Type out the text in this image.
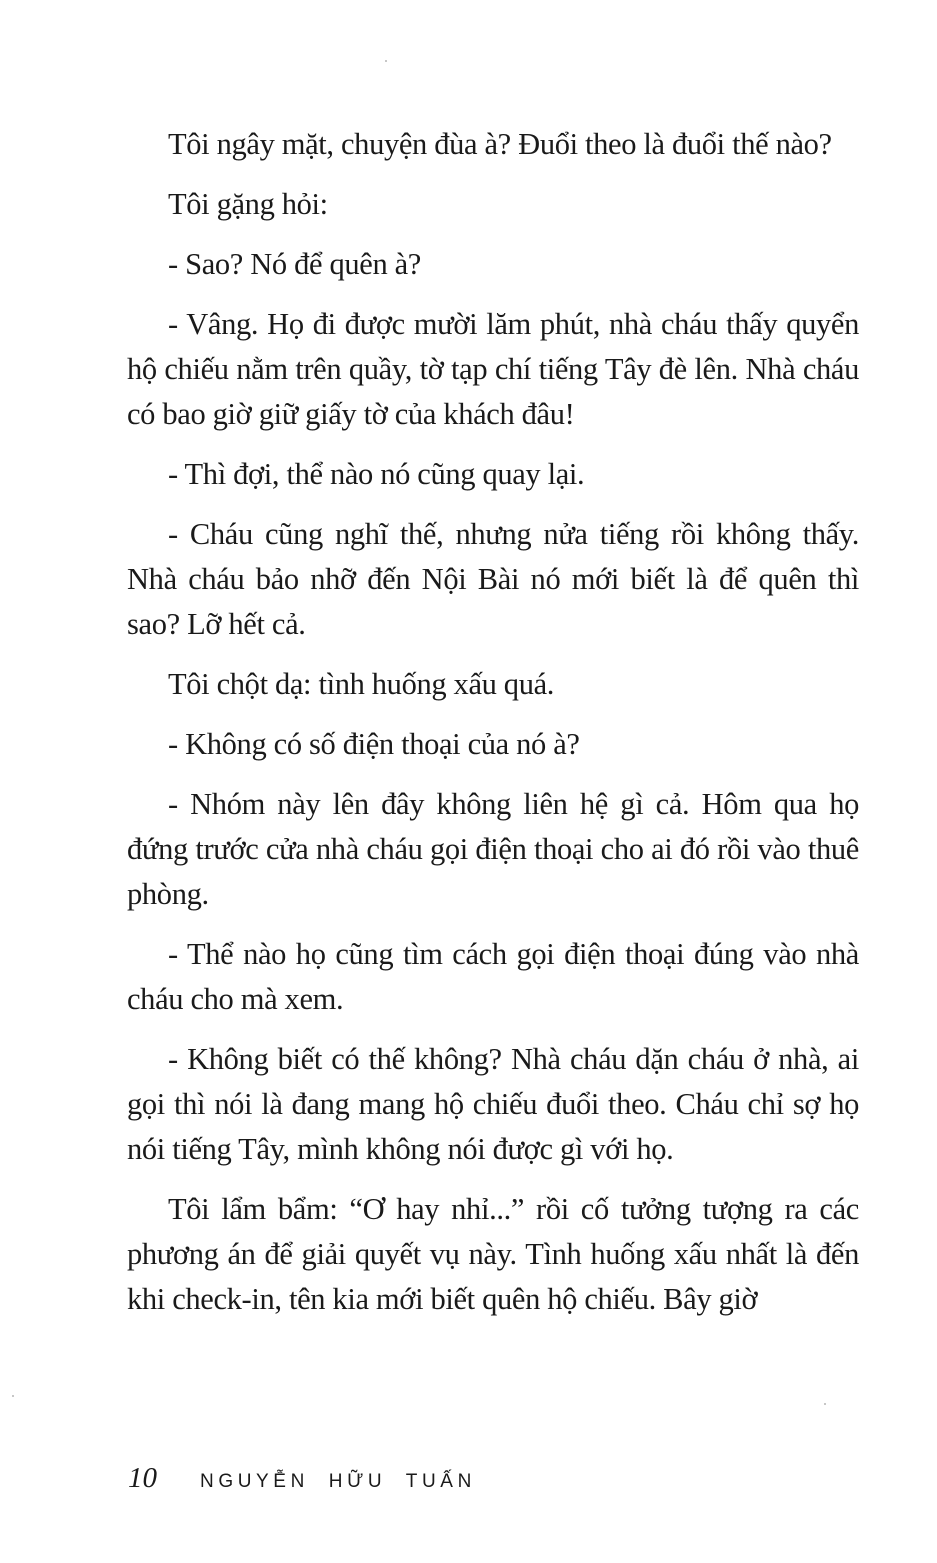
Tôi ngây mặt, chuyện đùa à? Đuổi theo là đuổi thế nào?

Tôi gặng hỏi:

- Sao? Nó để quên à?

- Vâng. Họ đi được mười lăm phút, nhà cháu thấy quyển hộ chiếu nằm trên quầy, tờ tạp chí tiếng Tây đè lên. Nhà cháu có bao giờ giữ giấy tờ của khách đâu!

- Thì đợi, thể nào nó cũng quay lại.

- Cháu cũng nghĩ thế, nhưng nửa tiếng rồi không thấy. Nhà cháu bảo nhỡ đến Nội Bài nó mới biết là để quên thì sao? Lỡ hết cả.

Tôi chột dạ: tình huống xấu quá.

- Không có số điện thoại của nó à?

- Nhóm này lên đây không liên hệ gì cả. Hôm qua họ đứng trước cửa nhà cháu gọi điện thoại cho ai đó rồi vào thuê phòng.

- Thể nào họ cũng tìm cách gọi điện thoại đúng vào nhà cháu cho mà xem.

- Không biết có thế không? Nhà cháu dặn cháu ở nhà, ai gọi thì nói là đang mang hộ chiếu đuổi theo. Cháu chỉ sợ họ nói tiếng Tây, mình không nói được gì với họ.

Tôi lẩm bẩm: “Ơ hay nhỉ...” rồi cố tưởng tượng ra các phương án để giải quyết vụ này. Tình huống xấu nhất là đến khi check-in, tên kia mới biết quên hộ chiếu. Bây giờ

10	NGUYỄN HỮU TUẤN
